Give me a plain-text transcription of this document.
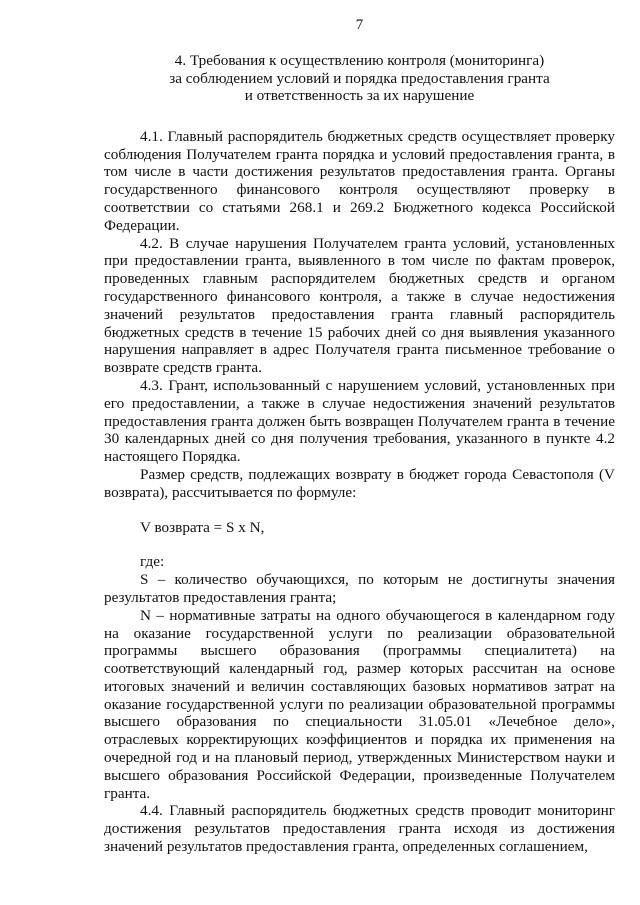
7
4. Требования к осуществлению контроля (мониторинга)
за соблюдением условий и порядка предоставления гранта
и ответственность за их нарушение

4.1. Главный распорядитель бюджетных средств осуществляет проверку соблюдения Получателем гранта порядка и условий предоставления гранта, в том числе в части достижения результатов предоставления гранта. Органы государственного финансового контроля осуществляют проверку в соответствии со статьями 268.1 и 269.2 Бюджетного кодекса Российской Федерации.

4.2. В случае нарушения Получателем гранта условий, установленных при предоставлении гранта, выявленного в том числе по фактам проверок, проведенных главным распорядителем бюджетных средств и органом государственного финансового контроля, а также в случае недостижения значений результатов предоставления гранта главный распорядитель бюджетных средств в течение 15 рабочих дней со дня выявления указанного нарушения направляет в адрес Получателя гранта письменное требование о возврате средств гранта.

4.3. Грант, использованный с нарушением условий, установленных при его предоставлении, а также в случае недостижения значений результатов предоставления гранта должен быть возвращен Получателем гранта в течение 30 календарных дней со дня получения требования, указанного в пункте 4.2 настоящего Порядка.

Размер средств, подлежащих возврату в бюджет города Севастополя (V возврата), рассчитывается по формуле:

V возврата = S x N,

где:

S – количество обучающихся, по которым не достигнуты значения результатов предоставления гранта;

N – нормативные затраты на одного обучающегося в календарном году на оказание государственной услуги по реализации образовательной программы высшего образования (программы специалитета) на соответствующий календарный год, размер которых рассчитан на основе итоговых значений и величин составляющих базовых нормативов затрат на оказание государственной услуги по реализации образовательной программы высшего образования по специальности 31.05.01 «Лечебное дело», отраслевых корректирующих коэффициентов и порядка их применения на очередной год и на плановый период, утвержденных Министерством науки и высшего образования Российской Федерации, произведенные Получателем гранта.

4.4. Главный распорядитель бюджетных средств проводит мониторинг достижения результатов предоставления гранта исходя из достижения значений результатов предоставления гранта, определенных соглашением,
